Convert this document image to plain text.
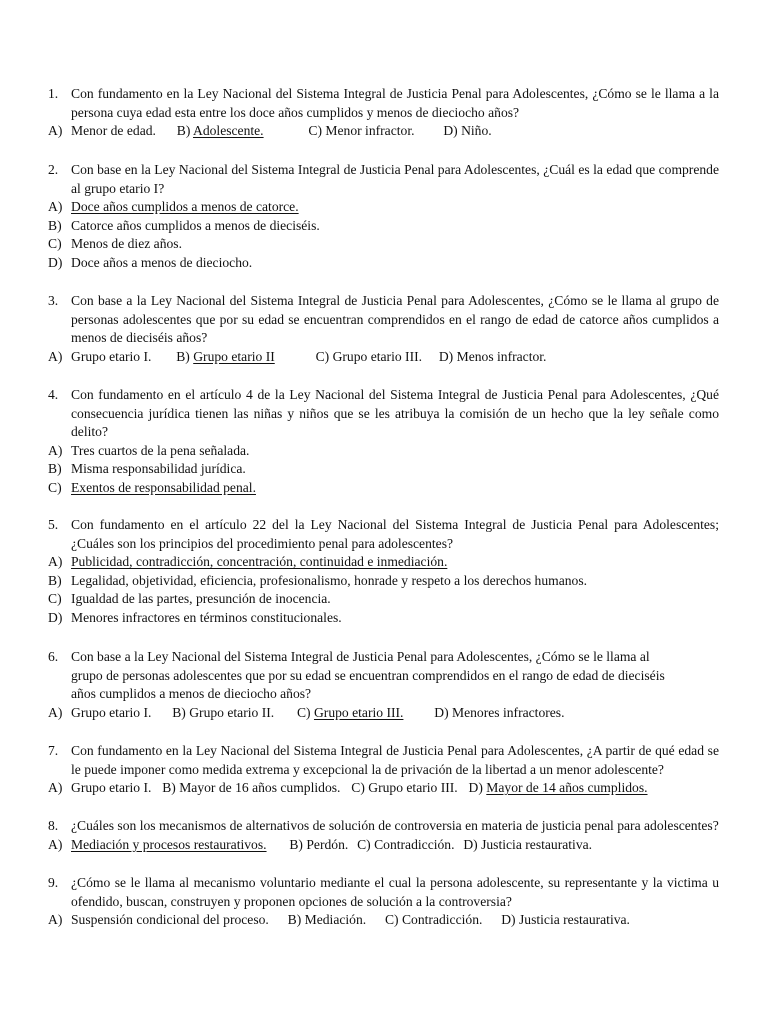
1. Con fundamento en la Ley Nacional del Sistema Integral de Justicia Penal para Adolescentes, ¿Cómo se le llama a la persona cuya edad esta entre los doce años cumplidos y menos de dieciocho años?
A) Menor de edad. B) Adolescente.	C) Menor infractor. D) Niño.
2. Con base en la Ley Nacional del Sistema Integral de Justicia Penal para Adolescentes, ¿Cuál es la edad que comprende al grupo etario I?
A) Doce años cumplidos a menos de catorce.
B) Catorce años cumplidos a menos de dieciséis.
C) Menos de diez años.
D) Doce años a menos de dieciocho.
3. Con base a la Ley Nacional del Sistema Integral de Justicia Penal para Adolescentes, ¿Cómo se le llama al grupo de personas adolescentes que por su edad se encuentran comprendidos en el rango de edad de catorce años cumplidos a menos de dieciséis años?
A) Grupo etario I. B) Grupo etario II	C) Grupo etario III. D) Menos infractor.
4. Con fundamento en el artículo 4 de la Ley Nacional del Sistema Integral de Justicia Penal para Adolescentes, ¿Qué consecuencia jurídica tienen las niñas y niños que se les atribuya la comisión de un hecho que la ley señale como delito?
A) Tres cuartos de la pena señalada.
B) Misma responsabilidad jurídica.
C) Exentos de responsabilidad penal.
5. Con fundamento en el artículo 22 del la Ley Nacional del Sistema Integral de Justicia Penal para Adolescentes; ¿Cuáles son los principios del procedimiento penal para adolescentes?
A) Publicidad, contradicción, concentración, continuidad e inmediación.
B) Legalidad, objetividad, eficiencia, profesionalismo, honrade y respeto a los derechos humanos.
C) Igualdad de las partes, presunción de inocencia.
D) Menores infractores en términos constitucionales.
6. Con base a la Ley Nacional del Sistema Integral de Justicia Penal para Adolescentes, ¿Cómo se le llama al
grupo de personas adolescentes que por su edad se encuentran comprendidos en el rango de edad de dieciséis
años cumplidos a menos de dieciocho años?
A) Grupo etario I. B) Grupo etario II. C) Grupo etario III. D) Menores infractores.
7. Con fundamento en la Ley Nacional del Sistema Integral de Justicia Penal para Adolescentes, ¿A partir de qué edad se le puede imponer como medida extrema y excepcional la de privación de la libertad a un menor adolescente?
A) Grupo etario I. B) Mayor de 16 años cumplidos. C) Grupo etario III. D) Mayor de 14 años cumplidos.
8. ¿Cuáles son los mecanismos de alternativos de solución de controversia en materia de justicia penal para adolescentes?
A) Mediación y procesos restaurativos. B) Perdón. C) Contradicción. D) Justicia restaurativa.
9. ¿Cómo se le llama al mecanismo voluntario mediante el cual la persona adolescente, su representante y la victima u ofendido, buscan, construyen y proponen opciones de solución a la controversia?
A) Suspensión condicional del proceso. B) Mediación. C) Contradicción. D) Justicia restaurativa.
